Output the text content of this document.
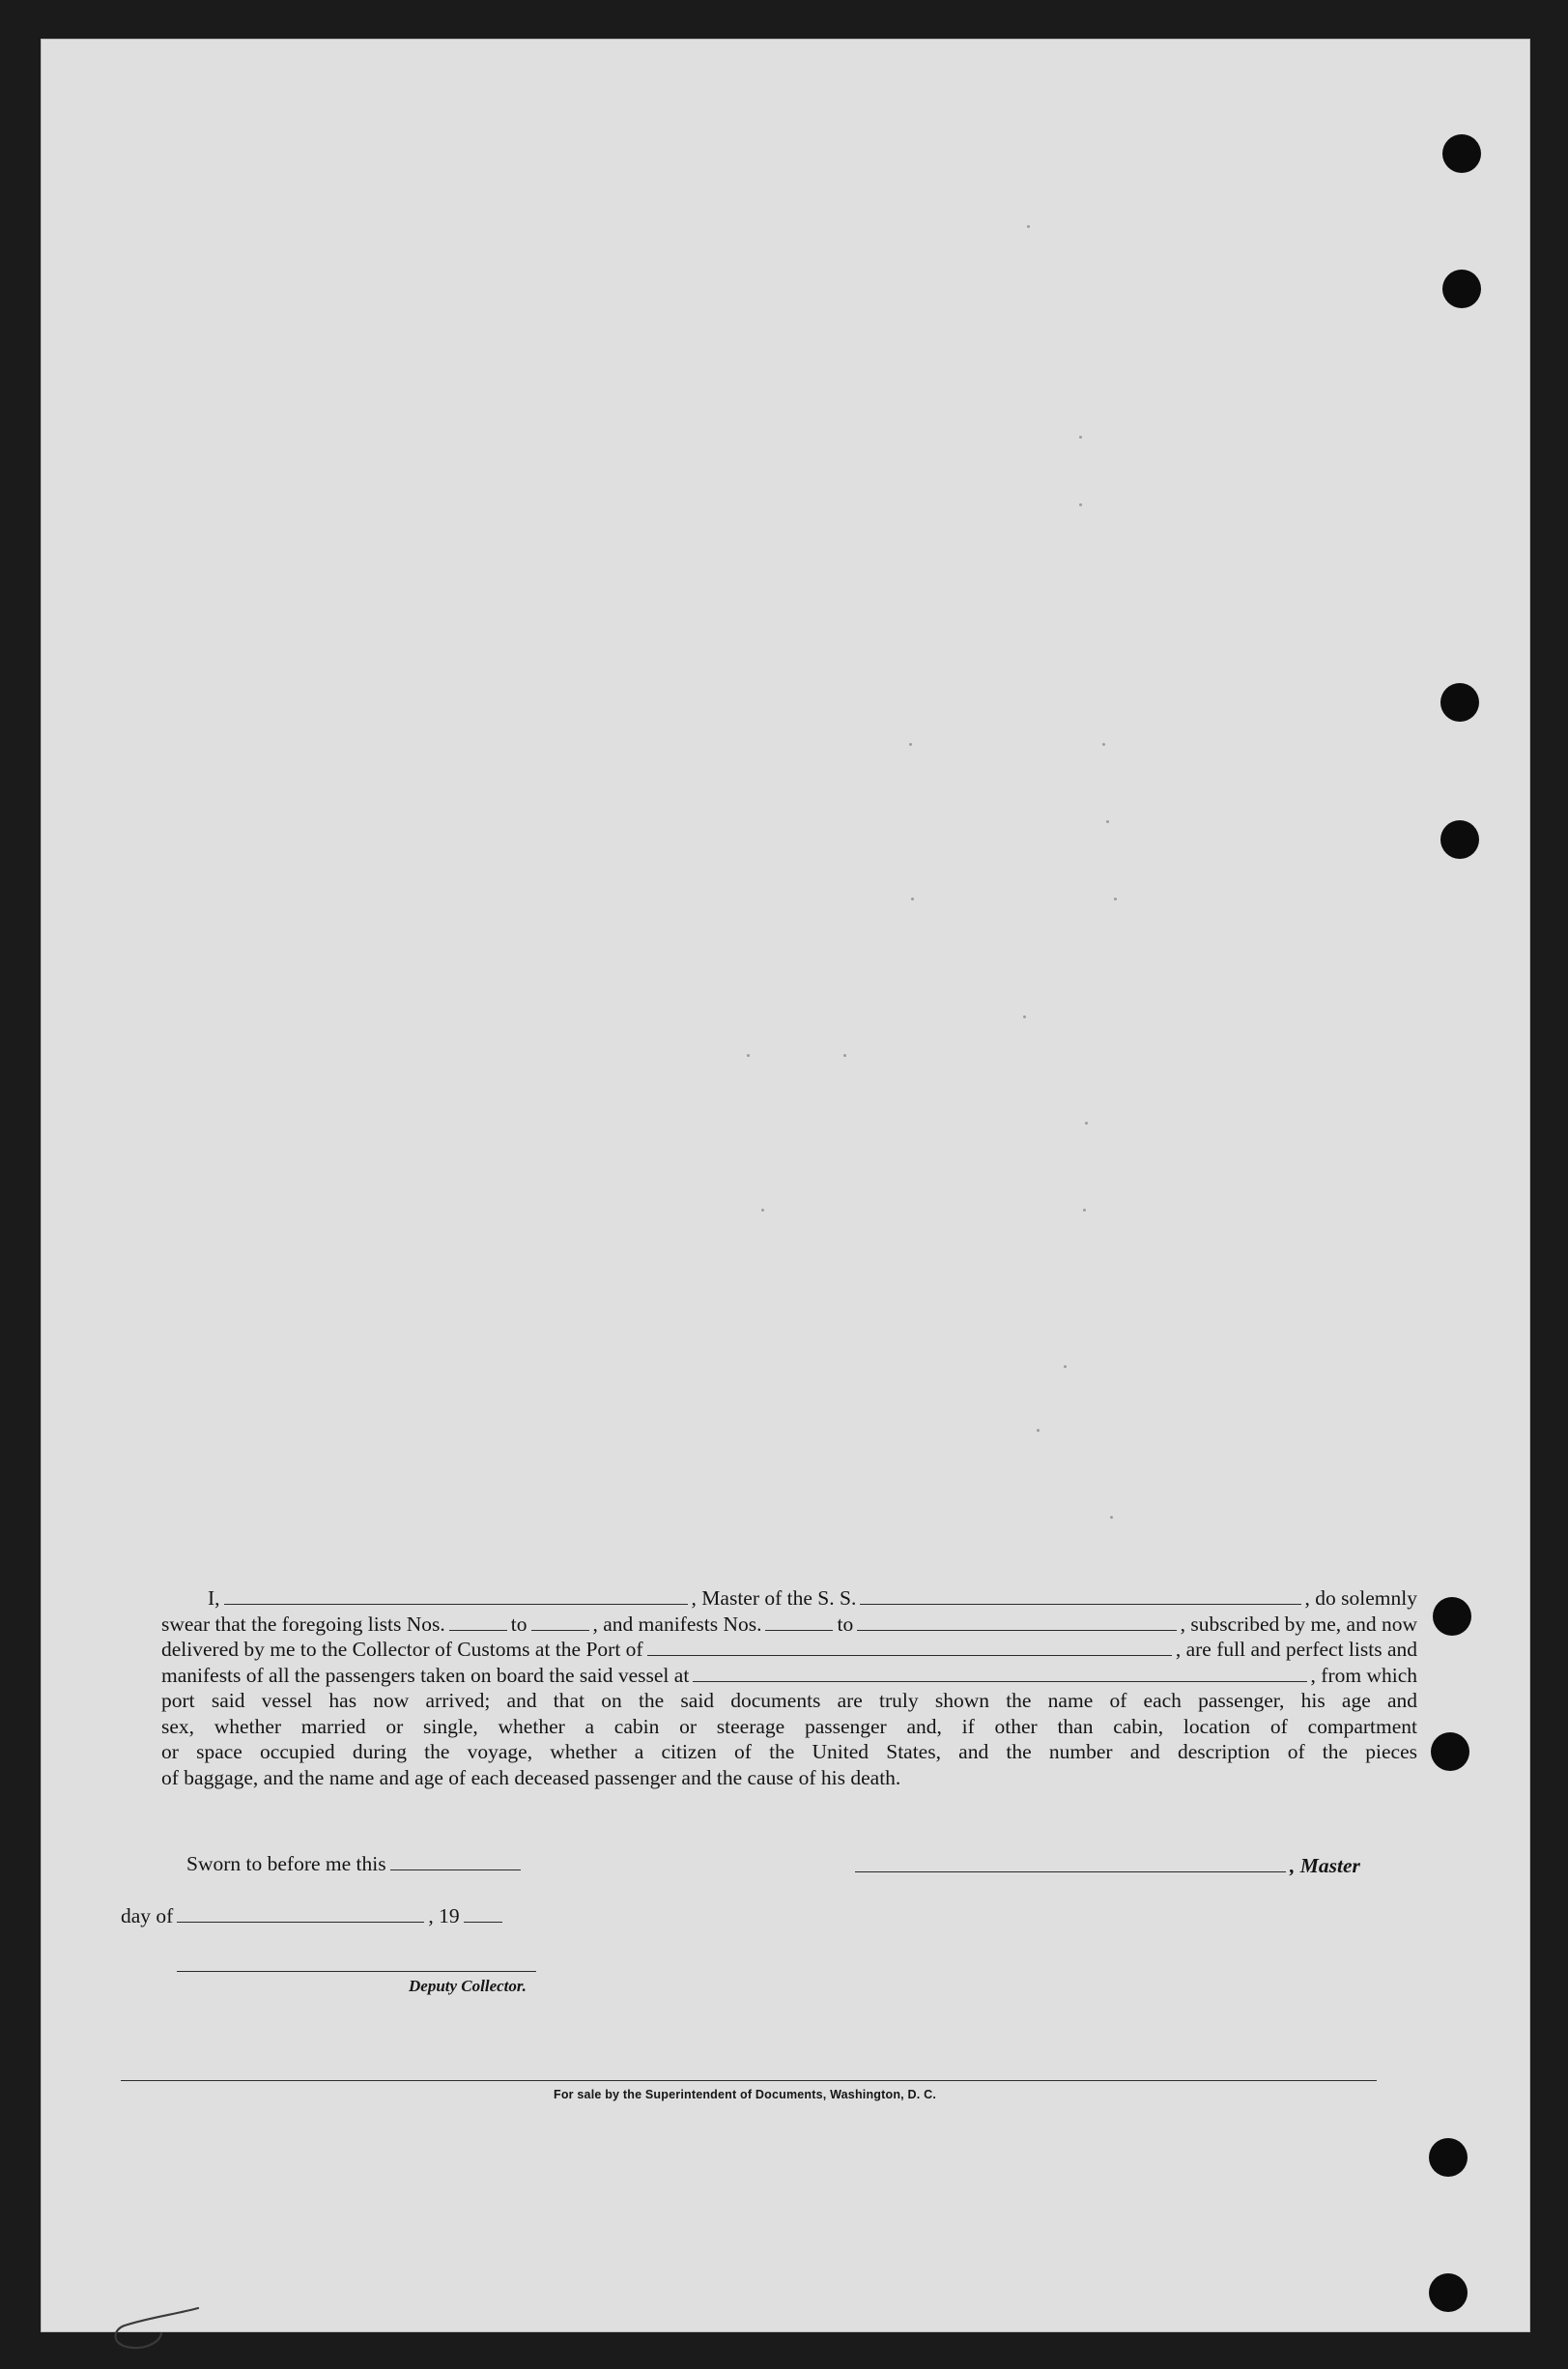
I,	, Master of the S. S.	, do solemnly
swear that the foregoing lists Nos.	to	, and manifests Nos.	to	, subscribed by me, and now
delivered by me to the Collector of Customs at the Port of	, are full and perfect lists and
manifests of all the passengers taken on board the said vessel at	, from which
port said vessel has now arrived; and that on the said documents are truly shown the name of each passenger, his age and
sex, whether married or single, whether a cabin or steerage passenger and, if other than cabin, location of compartment
or space occupied during the voyage, whether a citizen of the United States, and the number and description of the pieces
of baggage, and the name and age of each deceased passenger and the cause of his death.
Sworn to before me this	, Master
day of	, 19
Deputy Collector.
For sale by the Superintendent of Documents, Washington, D. C.
